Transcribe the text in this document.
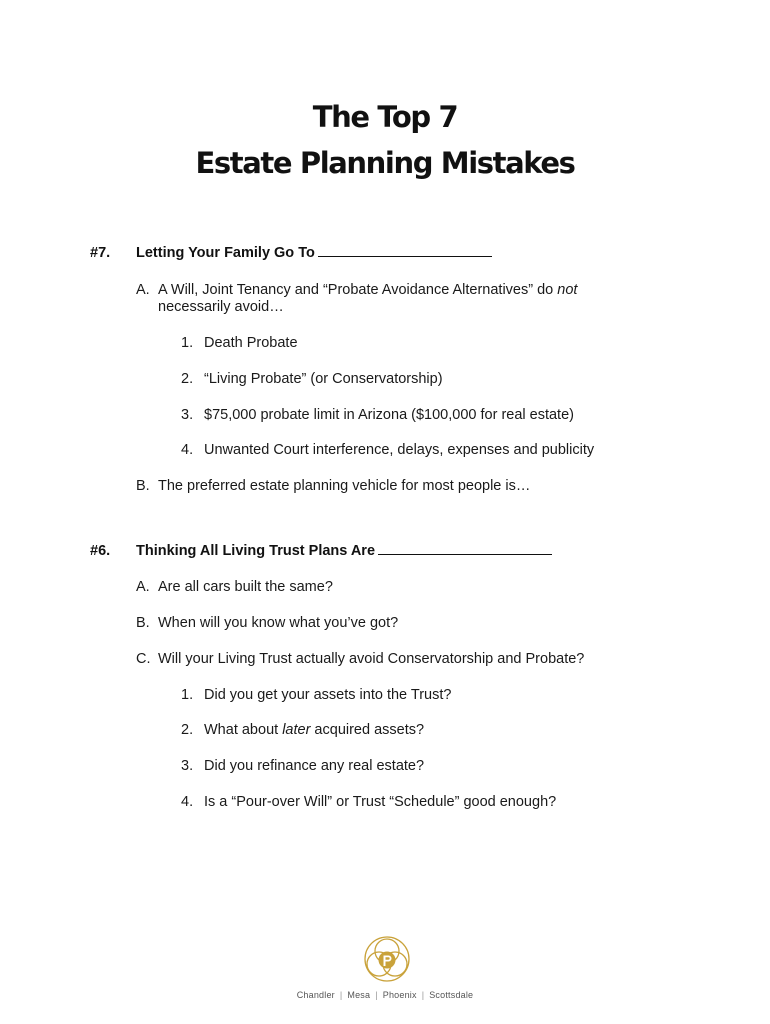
The Top 7
Estate Planning Mistakes
#7. Letting Your Family Go To
A. A Will, Joint Tenancy and “Probate Avoidance Alternatives” do not
necessarily avoid…
1. Death Probate
2. “Living Probate” (or Conservatorship)
3. $75,000 probate limit in Arizona ($100,000 for real estate)
4. Unwanted Court interference, delays, expenses and publicity
B. The preferred estate planning vehicle for most people is…
#6. Thinking All Living Trust Plans Are
A. Are all cars built the same?
B. When will you know what you’ve got?
C. Will your Living Trust actually avoid Conservatorship and Probate?
1. Did you get your assets into the Trust?
2. What about later acquired assets?
3. Did you refinance any real estate?
4. Is a “Pour-over Will” or Trust “Schedule” good enough?
Chandler | Mesa | Phoenix | Scottsdale
